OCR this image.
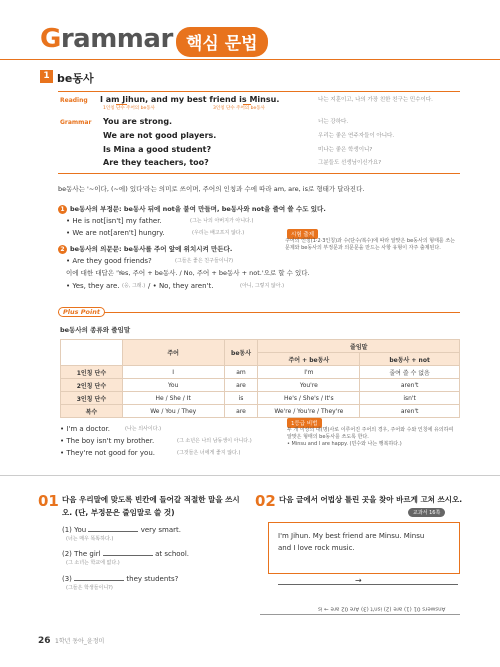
Grammar 핵심 문법
1 be동사
Reading I am Jihun, and my best friend is Minsu.
1인칭 단수 주어의 be동사	3인칭 단수 주어의 be동사
나는 지훈이고, 나의 가장 친한 친구는 민수이다.
Grammar You are strong.	너는 강하다.
We are not good players.	우리는 좋은 연주자들이 아니다.
Is Mina a good student?	미나는 좋은 학생이니?
Are they teachers, too?	그분들도 선생님이신가요?
be동사는 '~이다, (~에) 있다'라는 의미로 쓰이며, 주어의 인칭과 수에 따라 am, are, is로 형태가 달라진다.
1 be동사의 부정문: be동사 뒤에 not을 붙여 만들며, be동사와 not을 줄여 쓸 수도 있다.
• He is not[isn't] my father.	(그는 나의 아버지가 아니다.)
• We are not[aren't] hungry.	(우리는 배고프지 않다.)	시험 출제
주어의 인칭(1·2·3인칭)과 수(단수/복수)에 따라 알맞은 be동사의 형태를 쓰는 문제와 be동사의 부정문과 의문문을 만드는 사항 유형이 자주 출제된다.
2 be동사의 의문문: be동사를 주어 앞에 위치시켜 만든다.
• Are they good friends?	(그들은 좋은 친구들이니?)
이에 대한 대답은 'Yes, 주어 + be동사. / No, 주어 + be동사 + not.'으로 할 수 있다.
• Yes, they are. (응, 그래.) / • No, they aren't.	(아니, 그렇지 않아.)
Plus Point
be동사의 종류와 줄임말
	주어	be동사	줄임말	
			주어 + be동사	be동사 + not
1인칭 단수	I	am	I'm	줄여 쓸 수 없음
2인칭 단수	You	are	You're	aren't
3인칭 단수	He / She / It	is	He's / She's / It's	isn't
복수	We / You / They	are	We're / You're / They're	aren't
• I'm a doctor.	(나는 의사이다.)
• The boy isn't my brother.	(그 소년은 나의 남동생이 아니다.)
• They're not good for you.	(그것들은 너에게 좋지 않다.)
1등급 비법
두 개 이상의 대(명)사로 이루어진 주어의 경우, 주어와 수와 인칭에 유의하여
알맞은 형태의 be동사를 쓰도록 한다.
• Minsu and I are happy. (민수와 나는 행복하다.)
01 다음 우리말에 맞도록 빈칸에 들어갈 적절한 말을 쓰시
오. (단, 부정문은 줄임말로 쓸 것)
(1) You	very smart.
(너는 매우 똑똑하다.)
(2) The girl	at school.
(그 소녀는 학교에 없다.)
(3)	they students?
(그들은 학생들이니?)
02 다음 글에서 어법상 틀린 곳을 찾아 바르게 고쳐 쓰시오.
교과서 16쪽
I'm Jihun. My best friend are Minsu. Minsu
and I love rock music.
→
Answers 01 (1) are (2) isn't (3) Are 02 are → is
26 1학년 동아_윤정미
